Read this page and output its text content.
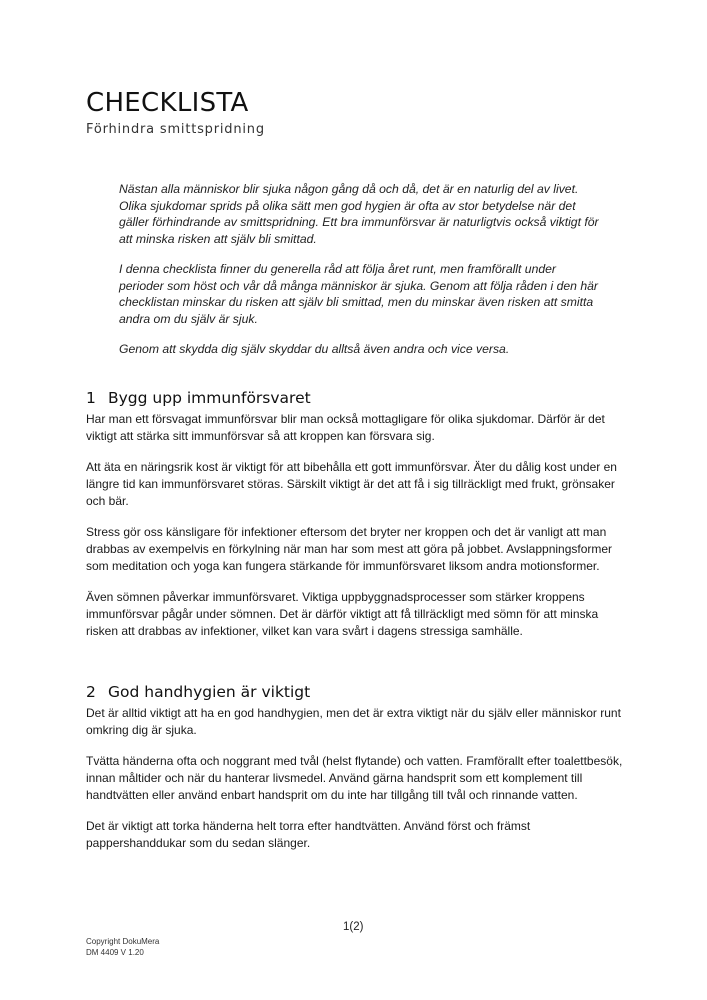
CHECKLISTA
Förhindra smittspridning

Nästan alla människor blir sjuka någon gång då och då, det är en naturlig del av livet. Olika sjukdomar sprids på olika sätt men god hygien är ofta av stor betydelse när det gäller förhindrande av smittspridning. Ett bra immunförsvar är naturligtvis också viktigt för att minska risken att själv bli smittad.

I denna checklista finner du generella råd att följa året runt, men framförallt under perioder som höst och vår då många människor är sjuka. Genom att följa råden i den här checklistan minskar du risken att själv bli smittad, men du minskar även risken att smitta andra om du själv är sjuk.

Genom att skydda dig själv skyddar du alltså även andra och vice versa.

1 Bygg upp immunförsvaret

Har man ett försvagat immunförsvar blir man också mottagligare för olika sjukdomar. Därför är det viktigt att stärka sitt immunförsvar så att kroppen kan försvara sig.

Att äta en näringsrik kost är viktigt för att bibehålla ett gott immunförsvar. Äter du dålig kost under en längre tid kan immunförsvaret störas. Särskilt viktigt är det att få i sig tillräckligt med frukt, grönsaker och bär.

Stress gör oss känsligare för infektioner eftersom det bryter ner kroppen och det är vanligt att man drabbas av exempelvis en förkylning när man har som mest att göra på jobbet. Avslappningsformer som meditation och yoga kan fungera stärkande för immunförsvaret liksom andra motionsformer.

Även sömnen påverkar immunförsvaret. Viktiga uppbyggnadsprocesser som stärker kroppens immunförsvar pågår under sömnen. Det är därför viktigt att få tillräckligt med sömn för att minska risken att drabbas av infektioner, vilket kan vara svårt i dagens stressiga samhälle.

2 God handhygien är viktigt

Det är alltid viktigt att ha en god handhygien, men det är extra viktigt när du själv eller människor runt omkring dig är sjuka.

Tvätta händerna ofta och noggrant med tvål (helst flytande) och vatten. Framförallt efter toalettbesök, innan måltider och när du hanterar livsmedel. Använd gärna handsprit som ett komplement till handtvätten eller använd enbart handsprit om du inte har tillgång till tvål och rinnande vatten.

Det är viktigt att torka händerna helt torra efter handtvätten. Använd först och främst pappershanddukar som du sedan slänger.

1(2)
Copyright DokuMera
DM 4409 V 1.20
